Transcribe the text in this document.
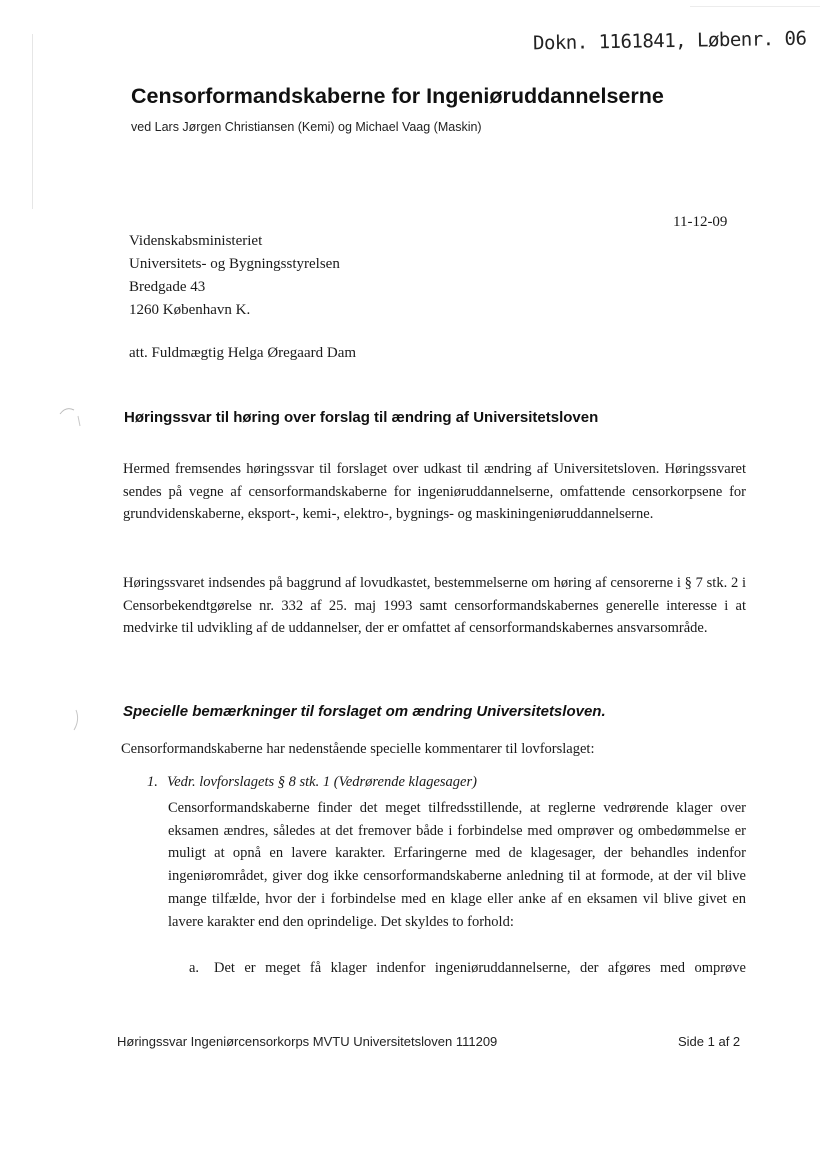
Dokn. 1161841, Løbenr. 06
Censorformandskaberne for Ingeniøruddannelserne
ved Lars Jørgen Christiansen (Kemi) og Michael Vaag (Maskin)
11-12-09
Videnskabsministeriet
Universitets- og Bygningsstyrelsen
Bredgade 43
1260 København K.
att. Fuldmægtig Helga Øregaard Dam
Høringssvar til høring over forslag til ændring af Universitetsloven

Hermed fremsendes høringssvar til forslaget over udkast til ændring af Universitetsloven. Høringssvaret sendes på vegne af censorformandskaberne for ingeniøruddannelserne, omfattende censorkorpsene for grundvidenskaberne, eksport-, kemi-, elektro-, bygnings- og maskiningeniøruddannelserne.

Høringssvaret indsendes på baggrund af lovudkastet, bestemmelserne om høring af censorerne i § 7 stk. 2 i Censorbekendtgørelse nr. 332 af 25. maj 1993 samt censorformandskabernes generelle interesse i at medvirke til udvikling af de uddannelser, der er omfattet af censorformandskabernes ansvarsområde.

Specielle bemærkninger til forslaget om ændring Universitetsloven.

Censorformandskaberne har nedenstående specielle kommentarer til lovforslaget:

1. Vedr. lovforslagets § 8 stk. 1 (Vedrørende klagesager)

Censorformandskaberne finder det meget tilfredsstillende, at reglerne vedrørende klager over eksamen ændres, således at det fremover både i forbindelse med omprøver og ombedømmelse er muligt at opnå en lavere karakter. Erfaringerne med de klagesager, der behandles indenfor ingeniørområdet, giver dog ikke censorformandskaberne anledning til at formode, at der vil blive mange tilfælde, hvor der i forbindelse med en klage eller anke af en eksamen vil blive givet en lavere karakter end den oprindelige. Det skyldes to forhold:

a. Det er meget få klager indenfor ingeniøruddannelserne, der afgøres med omprøve
Høringssvar Ingeniørcensorkorps MVTU Universitetsloven 111209	Side 1 af 2
